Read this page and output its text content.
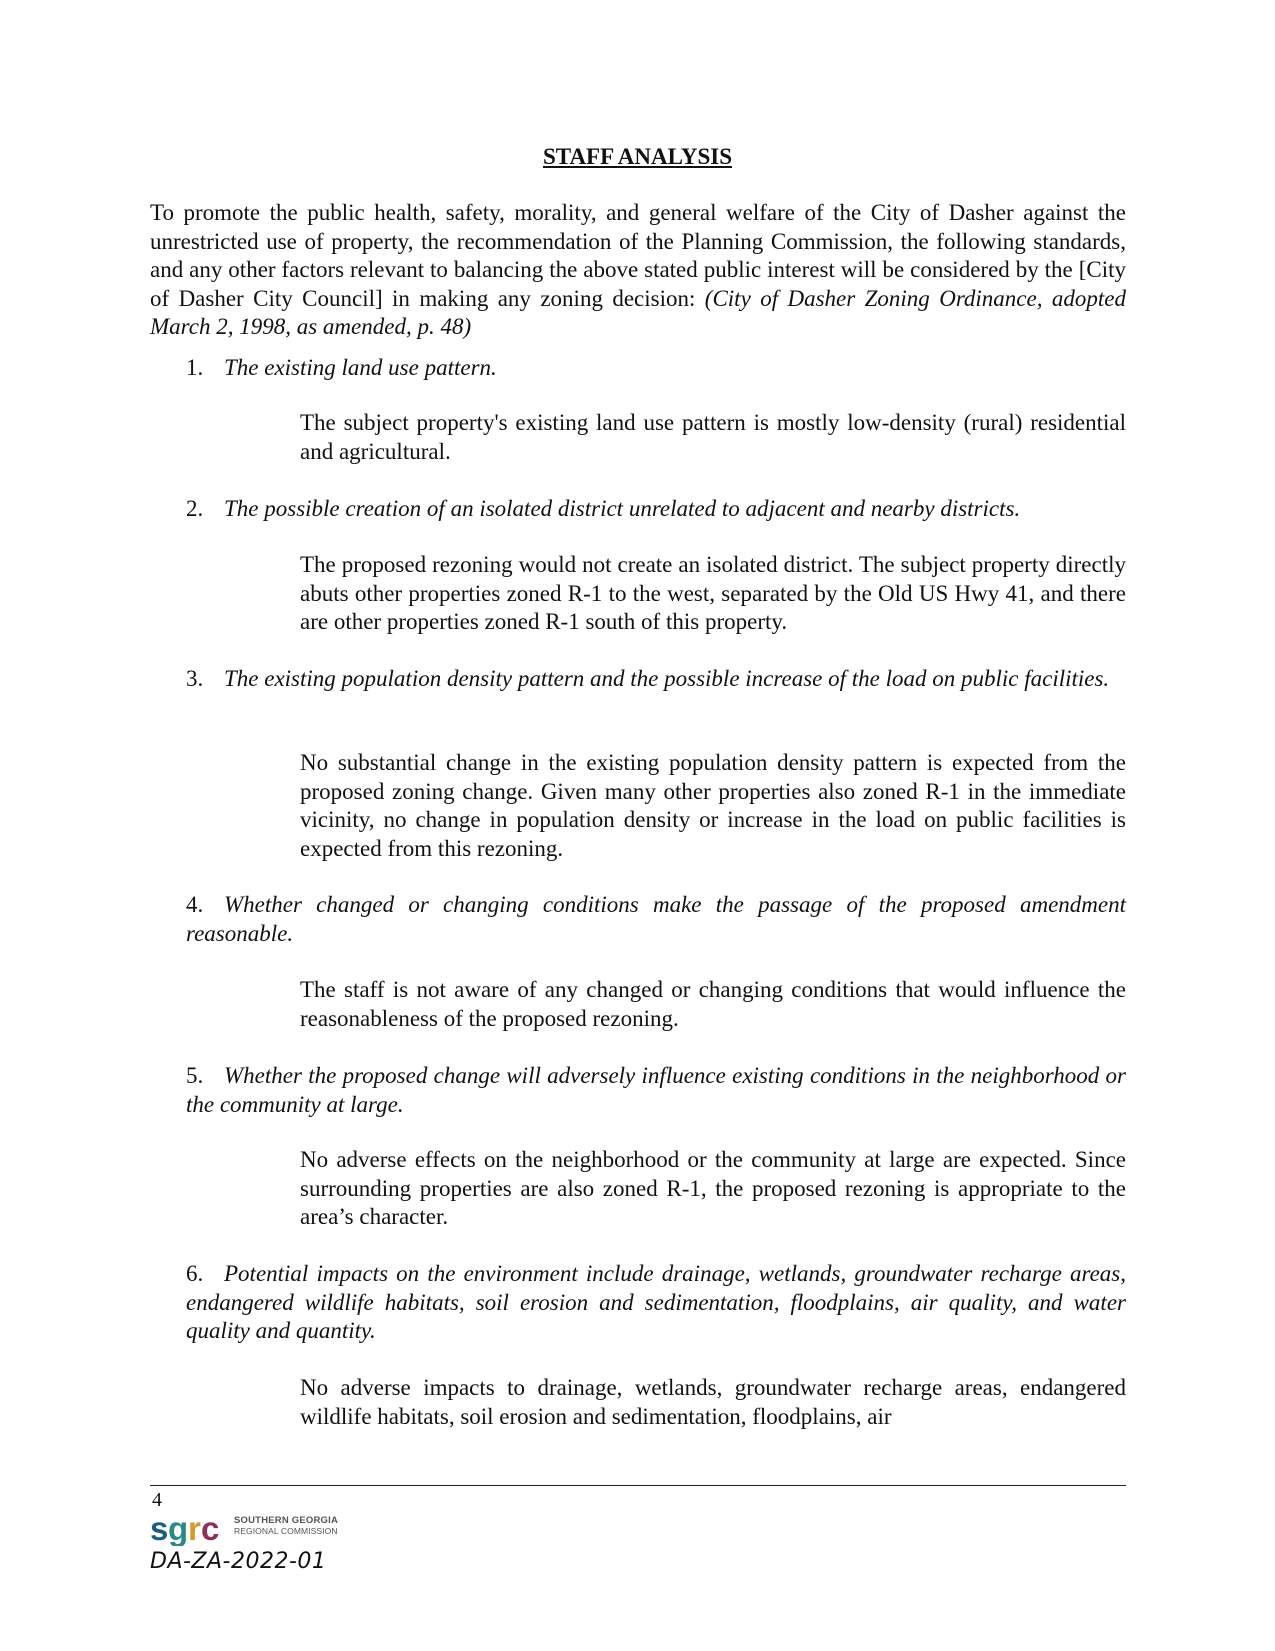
STAFF ANALYSIS

To promote the public health, safety, morality, and general welfare of the City of Dasher against the unrestricted use of property, the recommendation of the Planning Commission, the following standards, and any other factors relevant to balancing the above stated public interest will be considered by the [City of Dasher City Council] in making any zoning decision: (City of Dasher Zoning Ordinance, adopted March 2, 1998, as amended, p. 48)

1. The existing land use pattern.

The subject property's existing land use pattern is mostly low-density (rural) residential and agricultural.

2. The possible creation of an isolated district unrelated to adjacent and nearby districts.

The proposed rezoning would not create an isolated district. The subject property directly abuts other properties zoned R-1 to the west, separated by the Old US Hwy 41, and there are other properties zoned R-1 south of this property.

3. The existing population density pattern and the possible increase of the load on public facilities.

No substantial change in the existing population density pattern is expected from the proposed zoning change. Given many other properties also zoned R-1 in the immediate vicinity, no change in population density or increase in the load on public facilities is expected from this rezoning.

4. Whether changed or changing conditions make the passage of the proposed amendment reasonable.

The staff is not aware of any changed or changing conditions that would influence the reasonableness of the proposed rezoning.

5. Whether the proposed change will adversely influence existing conditions in the neighborhood or the community at large.

No adverse effects on the neighborhood or the community at large are expected. Since surrounding properties are also zoned R-1, the proposed rezoning is appropriate to the area’s character.

6. Potential impacts on the environment include drainage, wetlands, groundwater recharge areas, endangered wildlife habitats, soil erosion and sedimentation, floodplains, air quality, and water quality and quantity.

No adverse impacts to drainage, wetlands, groundwater recharge areas, endangered wildlife habitats, soil erosion and sedimentation, floodplains, air

4
s g r c SOUTHERN GEORGIA
REGIONAL COMMISSION
DA-ZA-2022-01
